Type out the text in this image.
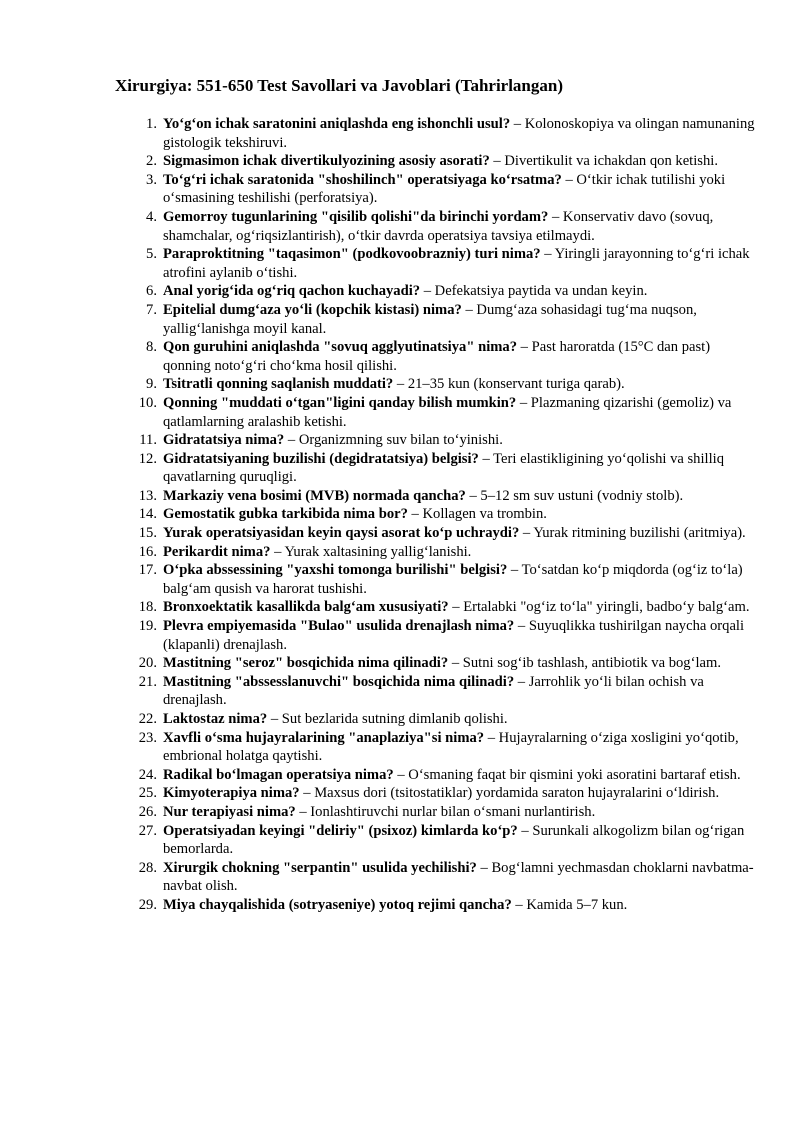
Xirurgiya: 551-650 Test Savollari va Javoblari (Tahrirlangan)
1. Yo‘g‘on ichak saratonini aniqlashda eng ishonchli usul? – Kolonoskopiya va olingan namunaning gistologik tekshiruvi.
2. Sigmasimon ichak divertikulyozining asosiy asorati? – Divertikulit va ichakdan qon ketishi.
3. To‘g‘ri ichak saratonida "shoshilinch" operatsiyaga ko‘rsatma? – O‘tkir ichak tutilishi yoki o‘smasining teshilishi (perforatsiya).
4. Gemorroy tugunlarining "qisilib qolishi"da birinchi yordam? – Konservativ davo (sovuq, shamchalar, og‘riqsizlantirish), o‘tkir davrda operatsiya tavsiya etilmaydi.
5. Paraproktitning "taqasimon" (podkovoobrazniy) turi nima? – Yiringli jarayonning to‘g‘ri ichak atrofini aylanib o‘tishi.
6. Anal yorig‘ida og‘riq qachon kuchayadi? – Defekatsiya paytida va undan keyin.
7. Epitelial dumg‘aza yo‘li (kopchik kistasi) nima? – Dumg‘aza sohasidagi tug‘ma nuqson, yallig‘lanishga moyil kanal.
8. Qon guruhini aniqlashda "sovuq agglyutinatsiya" nima? – Past haroratda (15°C dan past) qonning noto‘g‘ri cho‘kma hosil qilishi.
9. Tsitratli qonning saqlanish muddati? – 21–35 kun (konservant turiga qarab).
10. Qonning "muddati o‘tgan"ligini qanday bilish mumkin? – Plazmaning qizarishi (gemoliz) va qatlamlarning aralashib ketishi.
11. Gidratatsiya nima? – Organizmning suv bilan to‘yinishi.
12. Gidratatsiyaning buzilishi (degidratatsiya) belgisi? – Teri elastikligining yo‘qolishi va shilliq qavatlarning quruqligi.
13. Markaziy vena bosimi (MVB) normada qancha? – 5–12 sm suv ustuni (vodniy stolb).
14. Gemostatik gubka tarkibida nima bor? – Kollagen va trombin.
15. Yurak operatsiyasidan keyin qaysi asorat ko‘p uchraydi? – Yurak ritmining buzilishi (aritmiya).
16. Perikardit nima? – Yurak xaltasining yallig‘lanishi.
17. O‘pka abssessining "yaxshi tomonga burilishi" belgisi? – To‘satdan ko‘p miqdorda (og‘iz to‘la) balg‘am qusish va harorat tushishi.
18. Bronxoektatik kasallikda balg‘am xususiyati? – Ertalabki "og‘iz to‘la" yiringli, badbo‘y balg‘am.
19. Plevra empiyemasida "Bulao" usulida drenajlash nima? – Suyuqlikka tushirilgan naycha orqali (klapanli) drenajlash.
20. Mastitning "seroz" bosqichida nima qilinadi? – Sutni sog‘ib tashlash, antibiotik va bog‘lam.
21. Mastitning "abssesslanuvchi" bosqichida nima qilinadi? – Jarrohlik yo‘li bilan ochish va drenajlash.
22. Laktostaz nima? – Sut bezlarida sutning dimlanib qolishi.
23. Xavfli o‘sma hujayralarining "anaplaziya"si nima? – Hujayralarning o‘ziga xosligini yo‘qotib, embrional holatga qaytishi.
24. Radikal bo‘lmagan operatsiya nima? – O‘smaning faqat bir qismini yoki asoratini bartaraf etish.
25. Kimyoterapiya nima? – Maxsus dori (tsitostatiklar) yordamida saraton hujayralarini o‘ldirish.
26. Nur terapiyasi nima? – Ionlashtiruvchi nurlar bilan o‘smani nurlantirish.
27. Operatsiyadan keyingi "deliriy" (psixoz) kimlarda ko‘p? – Surunkali alkogolizm bilan og‘rigan bemorlarda.
28. Xirurgik chokning "serpantin" usulida yechilishi? – Bog‘lamni yechmasdan choklarni navbatma-navbat olish.
29. Miya chayqalishida (sotryaseniye) yotoq rejimi qancha? – Kamida 5–7 kun.
